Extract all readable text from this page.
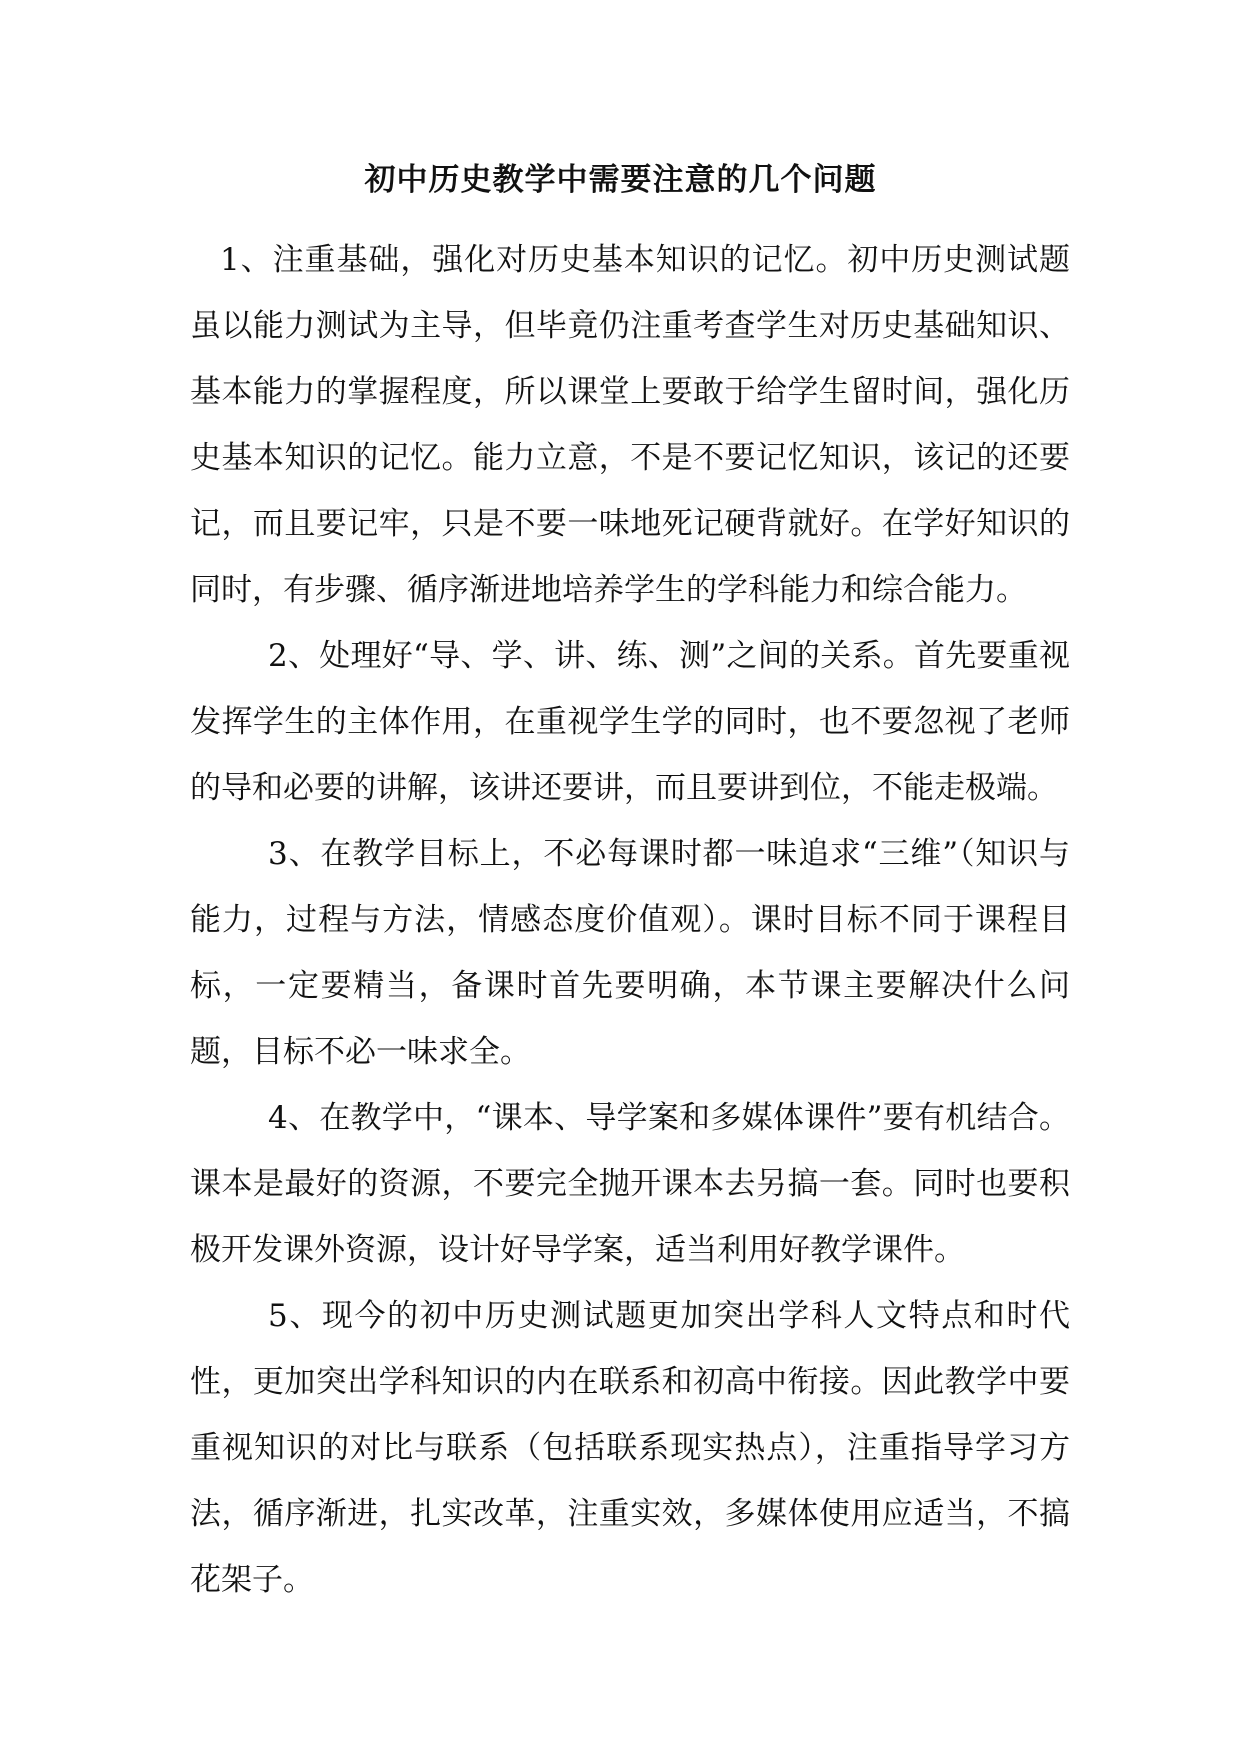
初中历史教学中需要注意的几个问题

1、注重基础，强化对历史基本知识的记忆。初中历史测试题虽以能力测试为主导，但毕竟仍注重考查学生对历史基础知识、基本能力的掌握程度，所以课堂上要敢于给学生留时间，强化历史基本知识的记忆。能力立意，不是不要记忆知识，该记的还要记，而且要记牢，只是不要一味地死记硬背就好。在学好知识的同时，有步骤、循序渐进地培养学生的学科能力和综合能力。

2、处理好“导、学、讲、练、测”之间的关系。首先要重视发挥学生的主体作用，在重视学生学的同时，也不要忽视了老师的导和必要的讲解，该讲还要讲，而且要讲到位，不能走极端。

3、在教学目标上，不必每课时都一味追求“三维”（知识与能力，过程与方法，情感态度价值观）。课时目标不同于课程目标，一定要精当，备课时首先要明确，本节课主要解决什么问题，目标不必一味求全。

4、在教学中，“课本、导学案和多媒体课件”要有机结合。课本是最好的资源，不要完全抛开课本去另搞一套。同时也要积极开发课外资源，设计好导学案，适当利用好教学课件。

5、现今的初中历史测试题更加突出学科人文特点和时代性，更加突出学科知识的内在联系和初高中衔接。因此教学中要重视知识的对比与联系（包括联系现实热点），注重指导学习方法，循序渐进，扎实改革，注重实效，多媒体使用应适当，不搞花架子。
